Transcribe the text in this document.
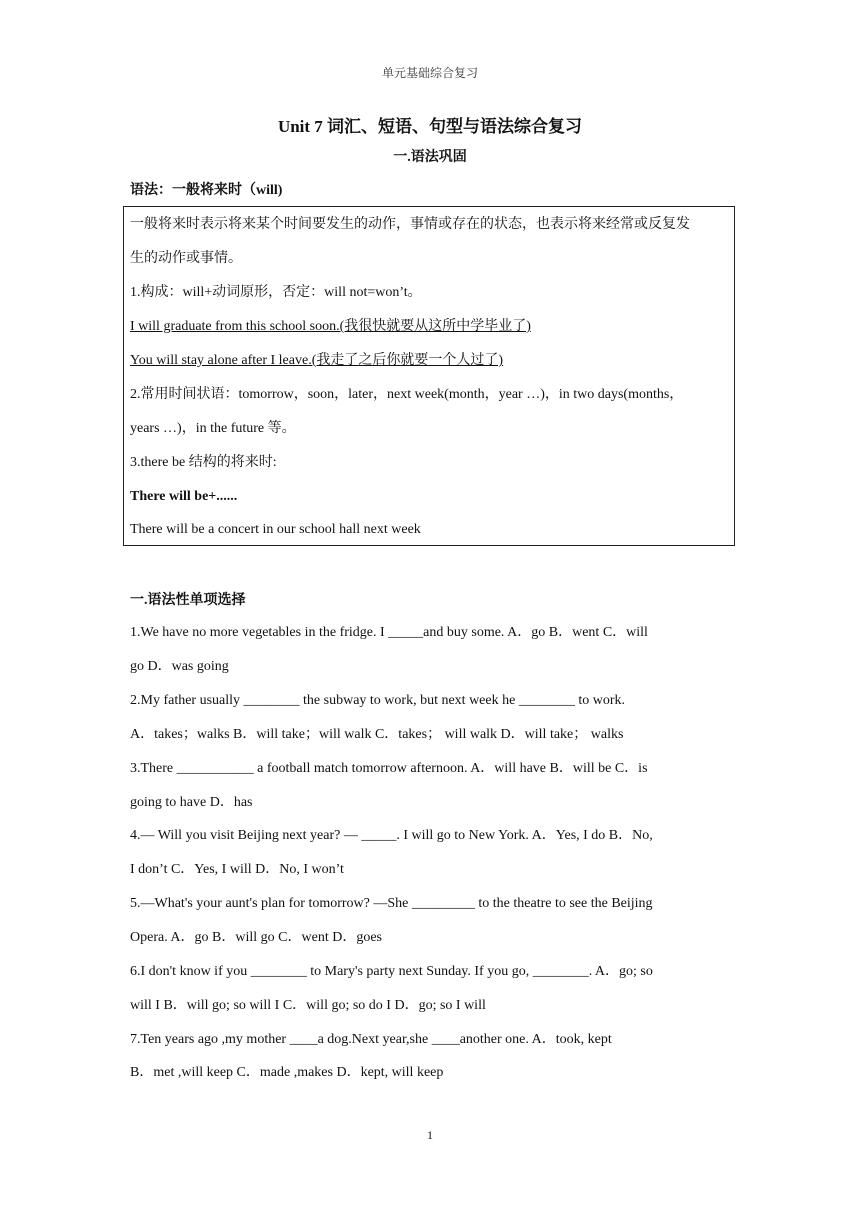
单元基础综合复习
Unit 7 词汇、短语、句型与语法综合复习
一.语法巩固
语法：一般将来时（will)
一般将来时表示将来某个时间要发生的动作，事情或存在的状态，也表示将来经常或反复发
生的动作或事情。
1.构成：will+动词原形，否定：will not=won’t。
I will graduate from this school soon.(我很快就要从这所中学毕业了)
You will stay alone after I leave.(我走了之后你就要一个人过了)
2.常用时间状语：tomorrow，soon，later，next week(month，year …)，in two days(months，
years …)，in the future 等。
3.there be 结构的将来时:
There will be+......
There will be a concert in our school hall next week
一.语法性单项选择
1.We have no more vegetables in the fridge. I _____and buy some. A．go B．went C．will
go D．was going
2.My father usually ________ the subway to work, but next week he ________ to work.
A．takes；walks B．will take；will walk C．takes； will walk D．will take； walks
3.There ___________ a football match tomorrow afternoon. A．will have B．will be C．is
going to have D．has
4.— Will you visit Beijing next year? — _____. I will go to New York. A．Yes, I do B．No,
I don’t C．Yes, I will D．No, I won’t
5.—What's your aunt's plan for tomorrow? —She _________ to the theatre to see the Beijing
Opera. A．go B．will go C．went D．goes
6.I don't know if you ________ to Mary's party next Sunday. If you go, ________. A．go; so
will I B．will go; so will I C．will go; so do I D．go; so I will
7.Ten years ago ,my mother ____a dog.Next year,she ____another one. A．took, kept
B．met ,will keep C．made ,makes D．kept, will keep
1
